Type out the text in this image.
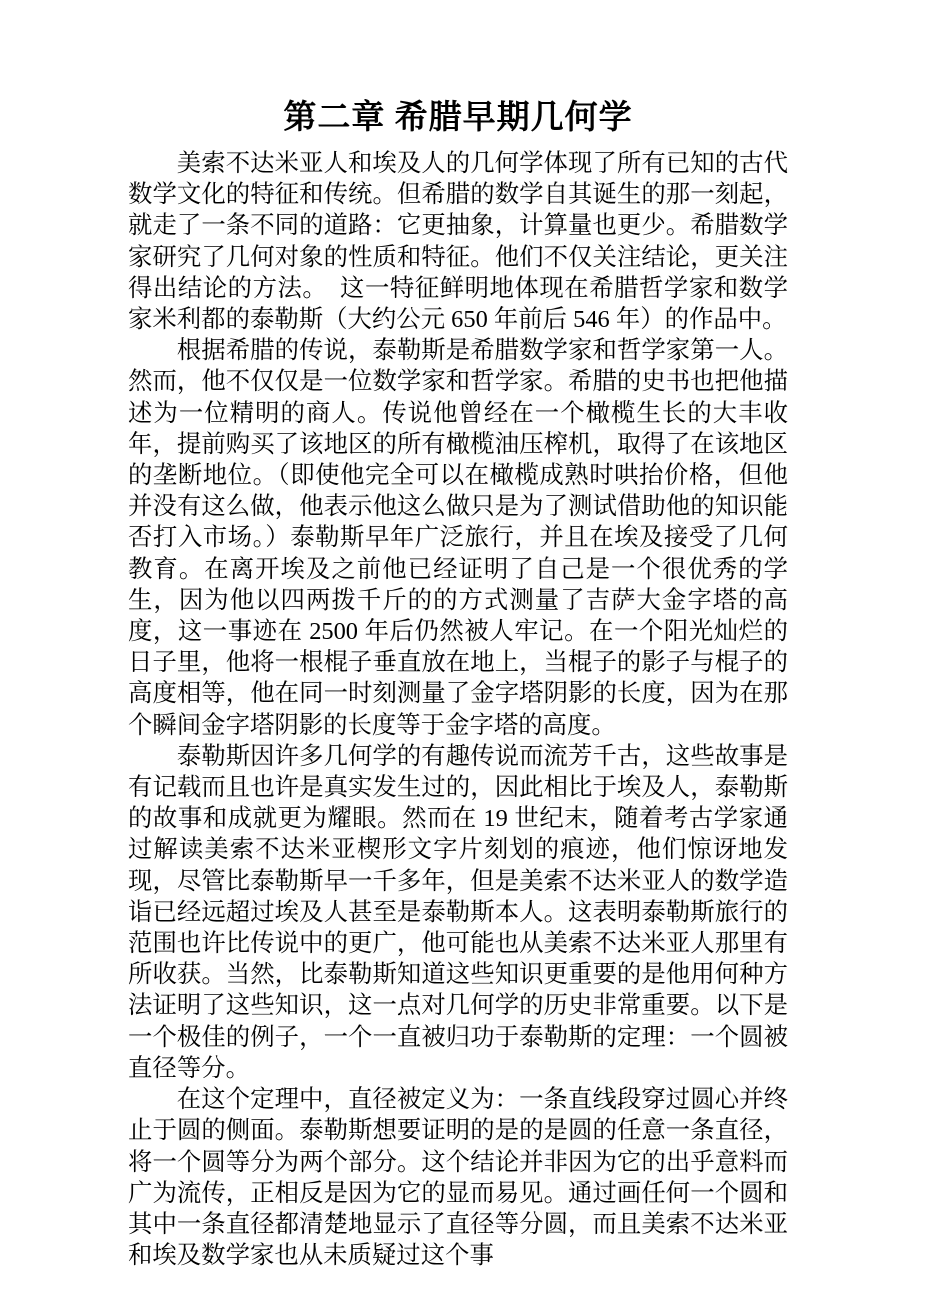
第二章 希腊早期几何学

美索不达米亚人和埃及人的几何学体现了所有已知的古代数学文化的特征和传统。但希腊的数学自其诞生的那一刻起，就走了一条不同的道路：它更抽象，计算量也更少。希腊数学家研究了几何对象的性质和特征。他们不仅关注结论，更关注得出结论的方法。　这一特征鲜明地体现在希腊哲学家和数学家米利都的泰勒斯（大约公元 650 年前后 546 年）的作品中。

根据希腊的传说，泰勒斯是希腊数学家和哲学家第一人。然而，他不仅仅是一位数学家和哲学家。希腊的史书也把他描述为一位精明的商人。传说他曾经在一个橄榄生长的大丰收年，提前购买了该地区的所有橄榄油压榨机，取得了在该地区的垄断地位。（即使他完全可以在橄榄成熟时哄抬价格，但他并没有这么做，他表示他这么做只是为了测试借助他的知识能否打入市场。）泰勒斯早年广泛旅行，并且在埃及接受了几何教育。在离开埃及之前他已经证明了自己是一个很优秀的学生，因为他以四两拨千斤的的方式测量了吉萨大金字塔的高度，这一事迹在 2500 年后仍然被人牢记。在一个阳光灿烂的日子里，他将一根棍子垂直放在地上，当棍子的影子与棍子的高度相等，他在同一时刻测量了金字塔阴影的长度，因为在那个瞬间金字塔阴影的长度等于金字塔的高度。

泰勒斯因许多几何学的有趣传说而流芳千古，这些故事是有记载而且也许是真实发生过的，因此相比于埃及人，泰勒斯的故事和成就更为耀眼。然而在 19 世纪末，随着考古学家通过解读美索不达米亚楔形文字片刻划的痕迹，他们惊讶地发现，尽管比泰勒斯早一千多年，但是美索不达米亚人的数学造诣已经远超过埃及人甚至是泰勒斯本人。这表明泰勒斯旅行的范围也许比传说中的更广，他可能也从美索不达米亚人那里有所收获。当然，比泰勒斯知道这些知识更重要的是他用何种方法证明了这些知识，这一点对几何学的历史非常重要。以下是一个极佳的例子，一个一直被归功于泰勒斯的定理：一个圆被直径等分。

在这个定理中，直径被定义为：一条直线段穿过圆心并终止于圆的侧面。泰勒斯想要证明的是的是圆的任意一条直径，将一个圆等分为两个部分。这个结论并非因为它的出乎意料而广为流传，正相反是因为它的显而易见。通过画任何一个圆和其中一条直径都清楚地显示了直径等分圆，而且美索不达米亚和埃及数学家也从未质疑过这个事
